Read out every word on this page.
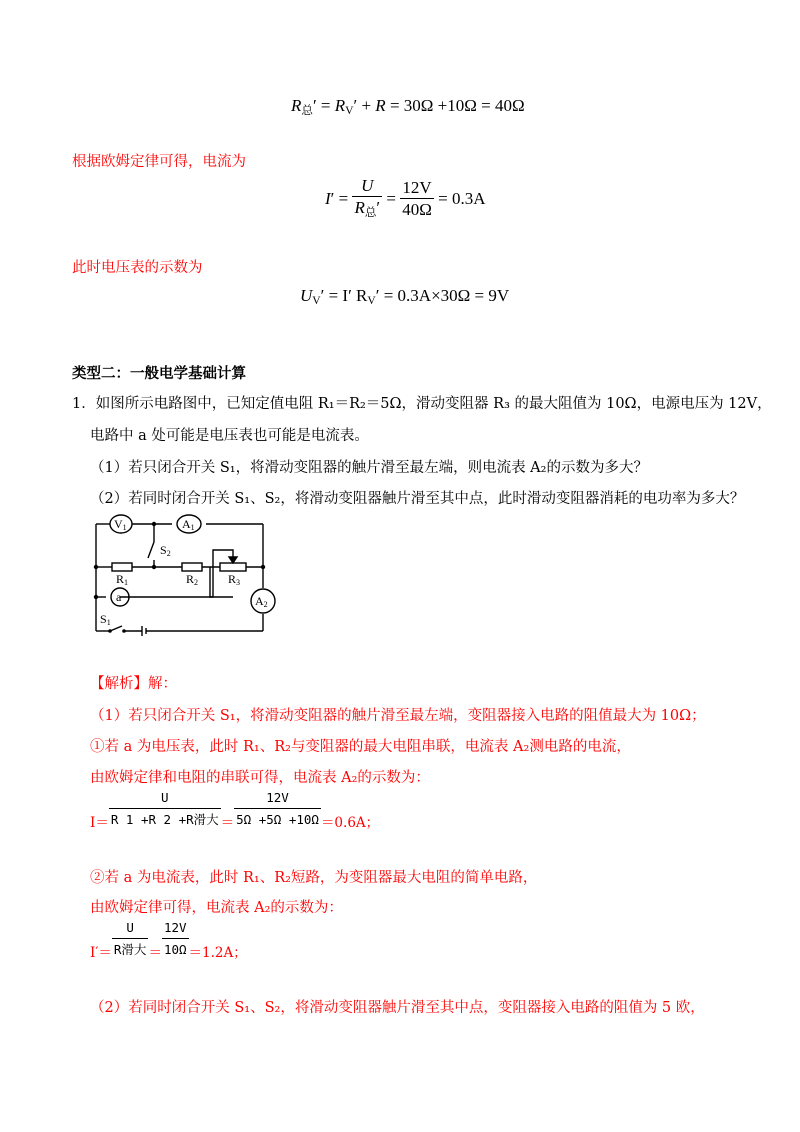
$R_总' = R_V' + R = 30\Omega +10\Omega = 40\Omega$
根据欧姆定律可得，电流为
$I' = \frac{U}{R_总'} = \frac{12V}{40\Omega} = 0.3A$
此时电压表的示数为
$U_V' = I'$ $R_V' = 0.3A\times 30\Omega = 9V$
类型二：一般电学基础计算
1．如图所示电路图中，已知定值电阻 R₁＝R₂＝5Ω，滑动变阻器 R₃ 的最大阻值为 10Ω，电源电压为 12V，
电路中 a 处可能是电压表也可能是电流表。
（1）若只闭合开关 S₁，将滑动变阻器的触片滑至最左端，则电流表 A₂的示数为多大？
（2）若同时闭合开关 S₁、S₂，将滑动变阻器触片滑至其中点，此时滑动变阻器消耗的电功率为多大？
V1	A1
S2
R1	R2 R3
a	A2
S1
【解析】解：
（1）若只闭合开关 S₁，将滑动变阻器的触片滑至最左端，变阻器接入电路的阻值最大为 10Ω；
①若 a 为电压表，此时 R₁、R₂与变阻器的最大电阻串联，电流表 A₂测电路的电流，
由欧姆定律和电阻的串联可得，电流表 A₂的示数为：
$I= \frac{U}{\text{R 1 +R 2 +R滑大}} = \frac{12V}{5\Omega +5\Omega +10\Omega} =0.6A$；
②若 a 为电流表，此时 R₁、R₂短路，为变阻器最大电阻的简单电路，
由欧姆定律可得，电流表 A₂的示数为：
$I'= \frac{U}{\text{R滑大}} = \frac{12V}{10\Omega} =1.2A$；
（2）若同时闭合开关 S₁、S₂，将滑动变阻器触片滑至其中点，变阻器接入电路的阻值为 5 欧，
